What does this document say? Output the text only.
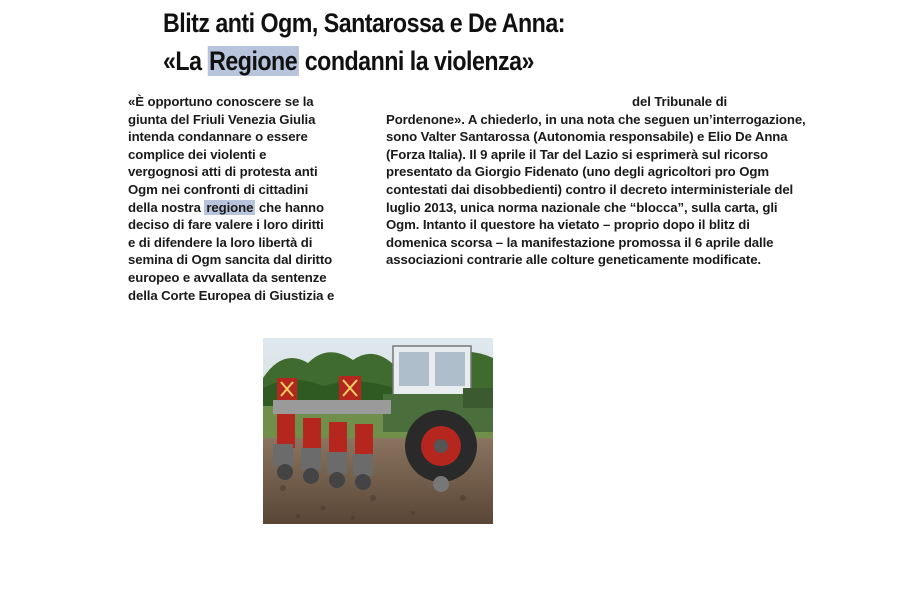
Blitz anti Ogm, Santarossa e De Anna:
«La Regione condanni la violenza»
«È opportuno conoscere se la
giunta del Friuli Venezia Giulia
intenda condannare o essere
complice dei violenti e
vergognosi atti di protesta anti
Ogm nei confronti di cittadini
della nostra regione che hanno
deciso di fare valere i loro diritti
e di difendere la loro libertà di
semina di Ogm sancita dal diritto
europeo e avvallata da sentenze
della Corte Europea di Giustizia e
del Tribunale di
Pordenone». A chiederlo, in una nota che seguen un’interrogazione,
sono Valter Santarossa (Autonomia responsabile) e Elio De Anna
(Forza Italia). Il 9 aprile il Tar del Lazio si esprimerà sul ricorso
presentato da Giorgio Fidenato (uno degli agricoltori pro Ogm
contestati dai disobbedienti) contro il decreto interministeriale del
luglio 2013, unica norma nazionale che “blocca”, sulla carta, gli
Ogm. Intanto il questore ha vietato – proprio dopo il blitz di
domenica scorsa – la manifestazione promossa il 6 aprile dalle
associazioni contrarie alle colture geneticamente modificate.
